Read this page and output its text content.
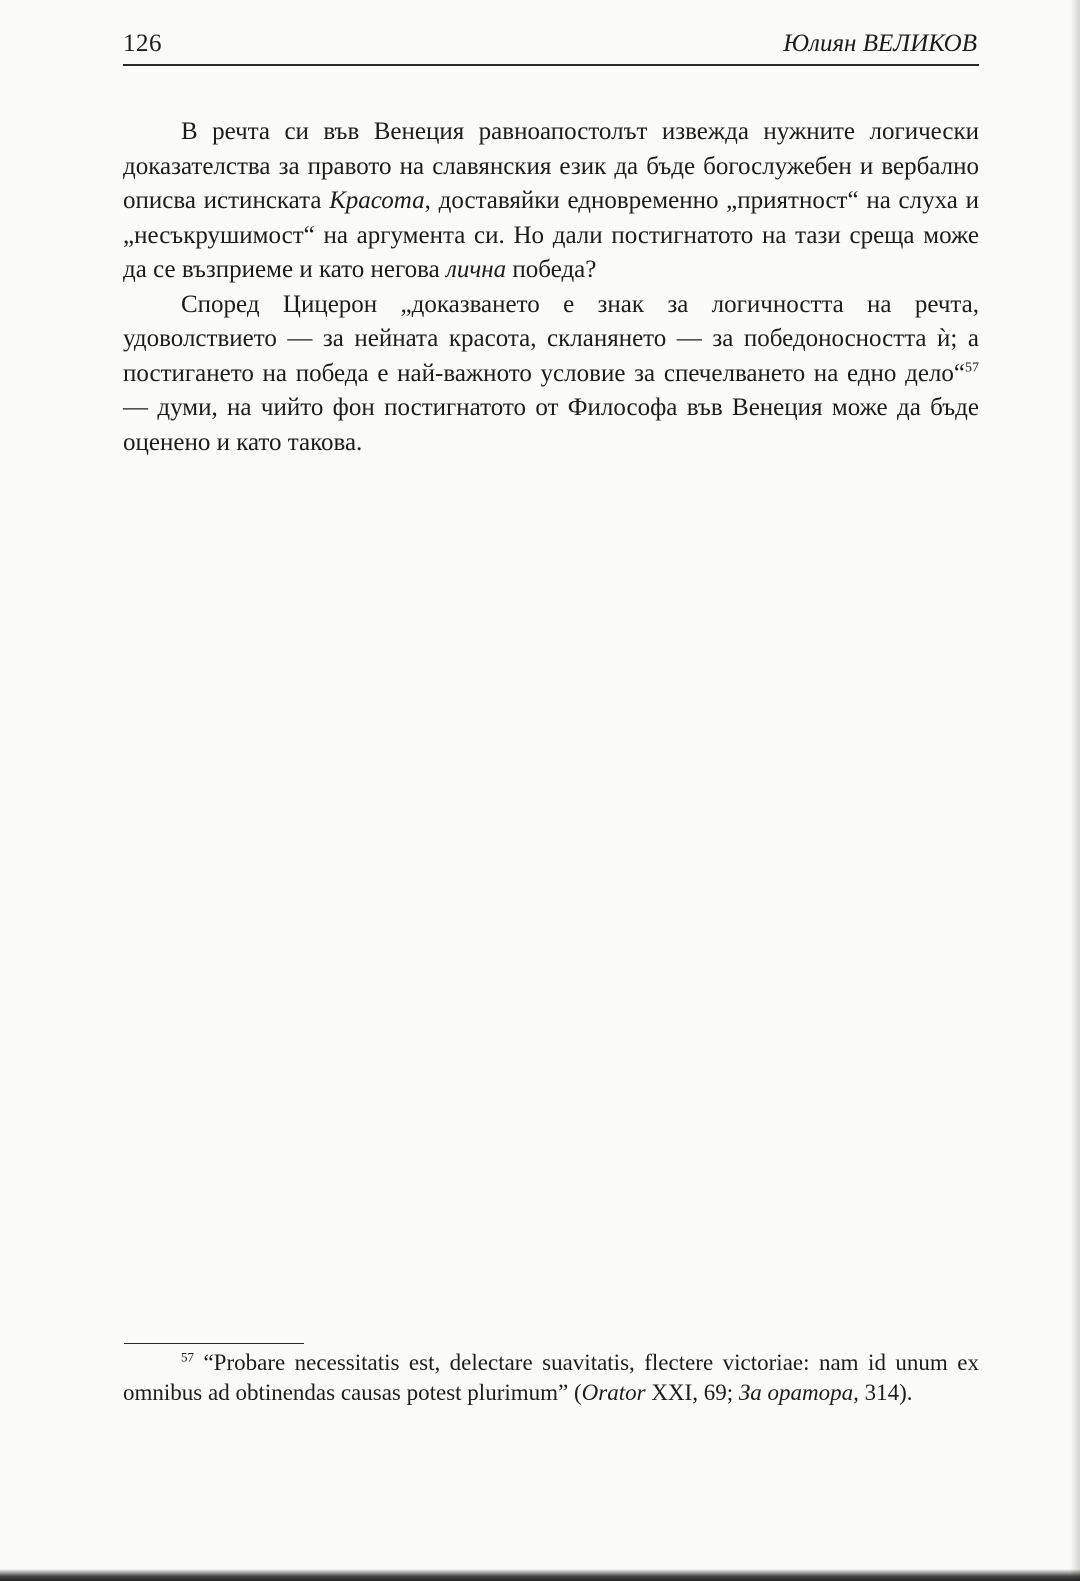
126	Юлиян ВЕЛИКОВ

В речта си във Венеция равноапостолът извежда нужните логически доказателства за правото на славянския език да бъде богослужебен и вербално описва истинската Красота, доставяйки едновременно „приятност“ на слуха и „несъкрушимост“ на аргумента си. Но дали постигнатото на тази среща може да се възприеме и като негова лична победа?

Според Цицерон „доказването е знак за логичността на речта, удоволствието — за нейната красота, скланянето — за победоносността ѝ; а постигането на победа е най-важното условие за спечелването на едно дело“$^{57}$ — думи, на чийто фон постигнатото от Философа във Венеция може да бъде оценено и като такова.

$^{57}$ “Probare necessitatis est, delectare suavitatis, flectere victoriae: nam id unum ex omnibus ad obtinendas causas potest plurimum” (Orator XXI, 69; За оратора, 314).
